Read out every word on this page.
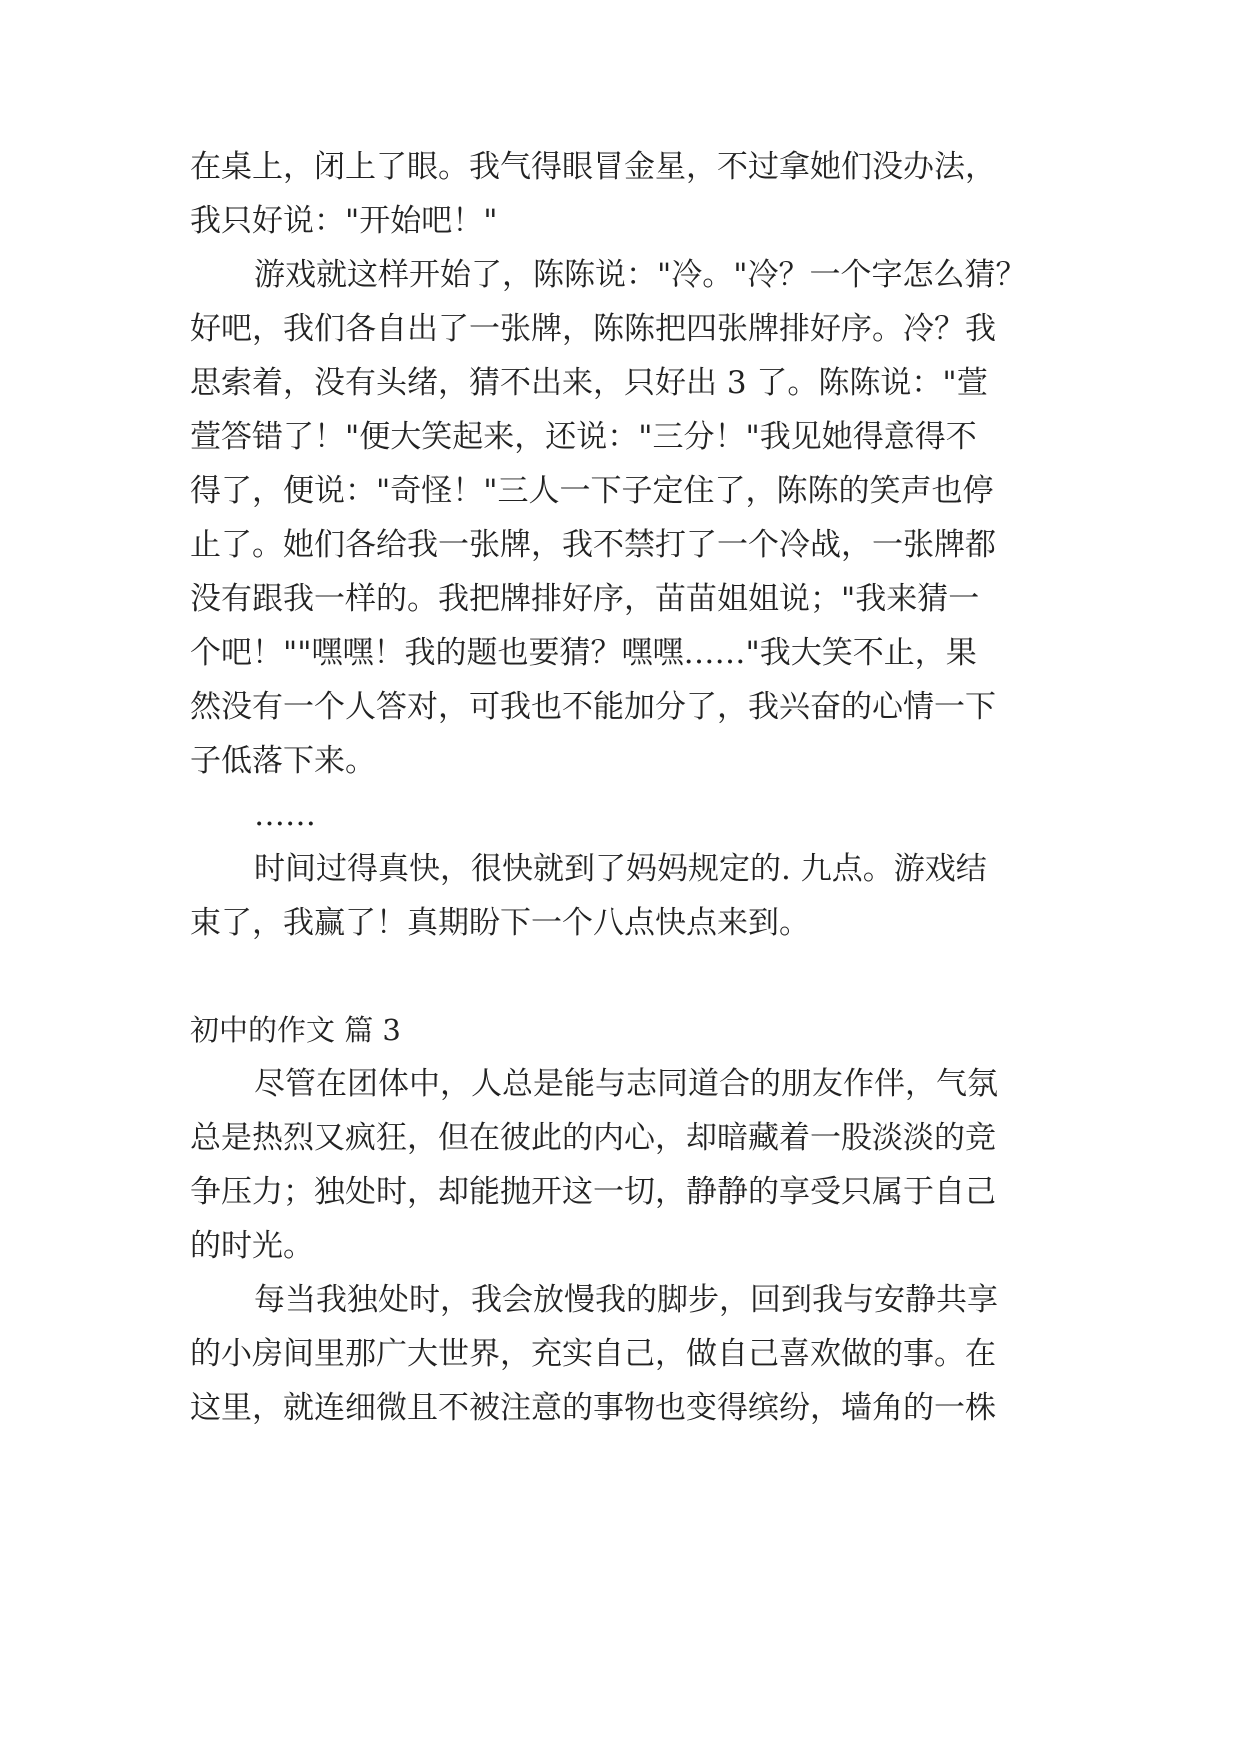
在桌上，闭上了眼。我气得眼冒金星，不过拿她们没办法，

我只好说："开始吧！"

游戏就这样开始了，陈陈说："冷。"冷？一个字怎么猜？

好吧，我们各自出了一张牌，陈陈把四张牌排好序。冷？我

思索着，没有头绪，猜不出来，只好出 3 了。陈陈说："萱

萱答错了！"便大笑起来，还说："三分！"我见她得意得不

得了，便说："奇怪！"三人一下子定住了，陈陈的笑声也停

止了。她们各给我一张牌，我不禁打了一个冷战，一张牌都

没有跟我一样的。我把牌排好序，苗苗姐姐说；"我来猜一

个吧！""嘿嘿！我的题也要猜？嘿嘿……"我大笑不止，果

然没有一个人答对，可我也不能加分了，我兴奋的心情一下

子低落下来。

……

时间过得真快，很快就到了妈妈规定的. 九点。游戏结

束了，我赢了！真期盼下一个八点快点来到。

初中的作文 篇 3

尽管在团体中，人总是能与志同道合的朋友作伴，气氛

总是热烈又疯狂，但在彼此的内心，却暗藏着一股淡淡的竞

争压力；独处时，却能抛开这一切，静静的享受只属于自己

的时光。

每当我独处时，我会放慢我的脚步，回到我与安静共享

的小房间里那广大世界，充实自己，做自己喜欢做的事。在

这里，就连细微且不被注意的事物也变得缤纷，墙角的一株
